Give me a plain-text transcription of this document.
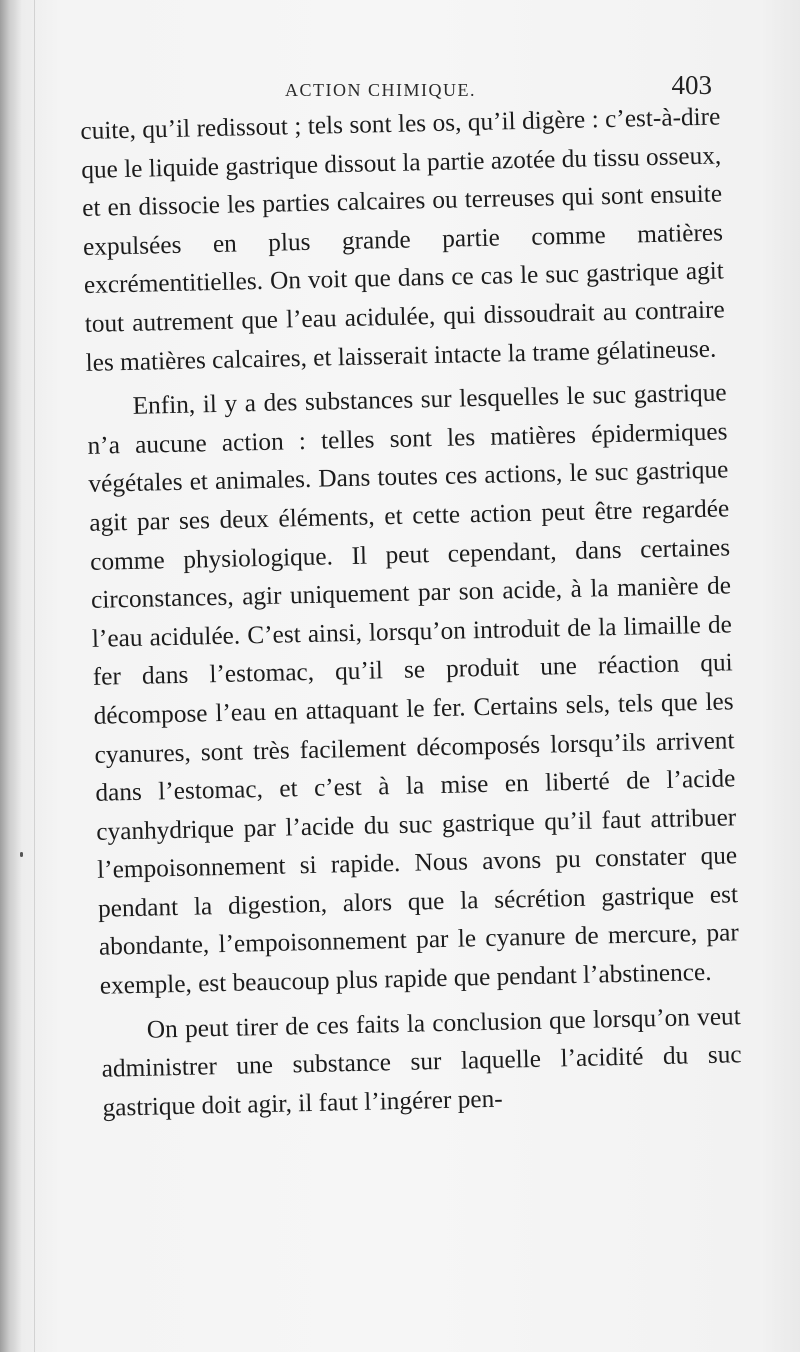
ACTION CHIMIQUE.	403

cuite, qu’il redissout ; tels sont les os, qu’il digère : c’est-à-dire que le liquide gastrique dissout la partie azotée du tissu osseux, et en dissocie les parties calcaires ou terreuses qui sont ensuite expulsées en plus grande partie comme matières excrémentitielles. On voit que dans ce cas le suc gastrique agit tout autrement que l’eau acidulée, qui dissoudrait au contraire les matières calcaires, et laisserait intacte la trame gélatineuse.

Enfin, il y a des substances sur lesquelles le suc gastrique n’a aucune action : telles sont les matières épidermiques végétales et animales. Dans toutes ces actions, le suc gastrique agit par ses deux éléments, et cette action peut être regardée comme physiologique. Il peut cependant, dans certaines circonstances, agir uniquement par son acide, à la manière de l’eau acidulée. C’est ainsi, lorsqu’on introduit de la limaille de fer dans l’estomac, qu’il se produit une réaction qui décompose l’eau en attaquant le fer. Certains sels, tels que les cyanures, sont très facilement décomposés lorsqu’ils arrivent dans l’estomac, et c’est à la mise en liberté de l’acide cyanhydrique par l’acide du suc gastrique qu’il faut attribuer l’empoisonnement si rapide. Nous avons pu constater que pendant la digestion, alors que la sécrétion gastrique est abondante, l’empoisonnement par le cyanure de mercure, par exemple, est beaucoup plus rapide que pendant l’abstinence.

On peut tirer de ces faits la conclusion que lorsqu’on veut administrer une substance sur laquelle l’acidité du suc gastrique doit agir, il faut l’ingérer pen-
